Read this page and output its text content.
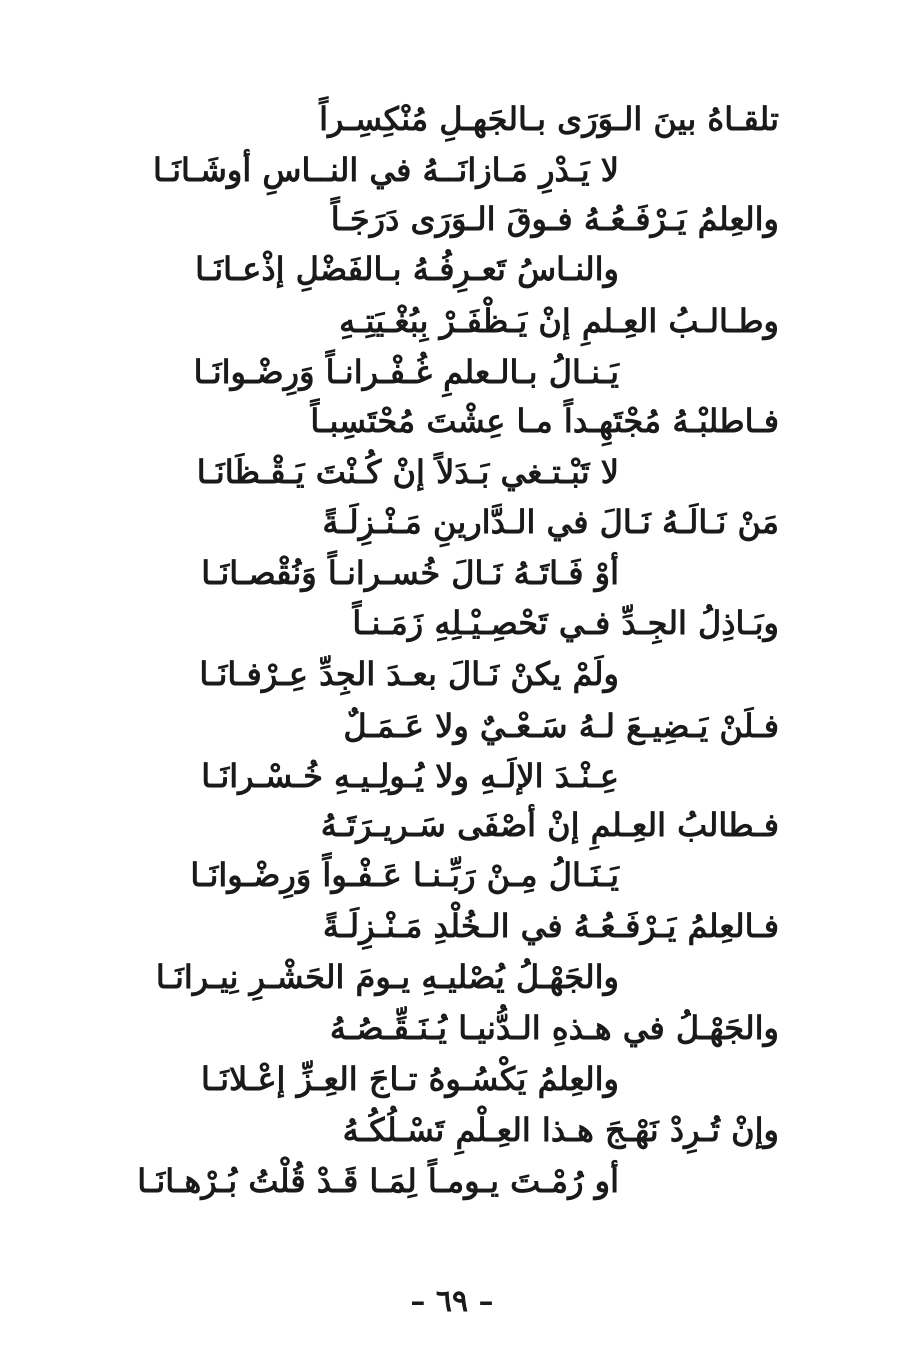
تلقـاهُ بينَ الـوَرَى بـالجَهـلِ مُنْكِسِـراً

لا يَـدْرِ مَـازانَــهُ في النــاسِ أوشَـانَـا

والعِلمُ يَـرْفَـعُـهُ فـوقَ الـوَرَى دَرَجَـاً

والنـاسُ تَعـرِفُـهُ بـالفَضْلِ إذْعـانَـا

وطـالـبُ العِـلمِ إنْ يَـظْفَـرْ بِبُغْـيَتِـهِ

يَـنـالُ بـالـعلمِ غُـفْـرانـاً وَرِضْـوانَـا

فـاطلبْـهُ مُجْتَهِـداً مـا عِشْتَ مُحْتَسِبـاً

لا تَبْـتـغي بَـدَلاً إنْ كُـنْتَ يَـقْـظَانَـا

مَنْ نَـالَـهُ نَـالَ في الـدَّارينِ مَـنْـزِلَـةً

أوْ فَـاتَـهُ نَـالَ خُسـرانـاً وَنُقْصـانَـا

وبَـاذِلُ الجِـدِّ فـي تَحْصِـيْـلِهِ زَمَـنـاً

ولَمْ يكنْ نَـالَ بعـدَ الجِدِّ عِـرْفـانَـا

فـلَنْ يَـضِيـعَ لـهُ سَـعْـيٌ ولا عَـمَـلٌ

عِـنْـدَ الإلَـهِ ولا يُـولِـيـهِ خُـسْـرانَـا

فـطالبُ العِـلمِ إنْ أصْفَى سَـريـرَتَـهُ

يَـنَـالُ مِـنْ رَبِّـنـا عَـفْـواً وَرِضْـوانَـا

فـالعِلمُ يَـرْفَـعُـهُ في الـخُلْدِ مَـنْـزِلَـةً

والجَهْـلُ يُصْليـهِ يـومَ الحَشْـرِ نِيـرانَـا

والجَهْـلُ في هـذهِ الـدُّنيـا يُـنَـقِّـصُـهُ

والعِلمُ يَكْسُـوهُ تـاجَ العِـزِّ إعْـلانَـا

وإنْ تُـرِدْ نَهْـجَ هـذا العِـلْمِ تَسْـلُكُـهُ

أو رُمْـتَ يـومـاً لِمَـا قَـدْ قُلْتُ بُـرْهـانَـا

– ٦٩ –
